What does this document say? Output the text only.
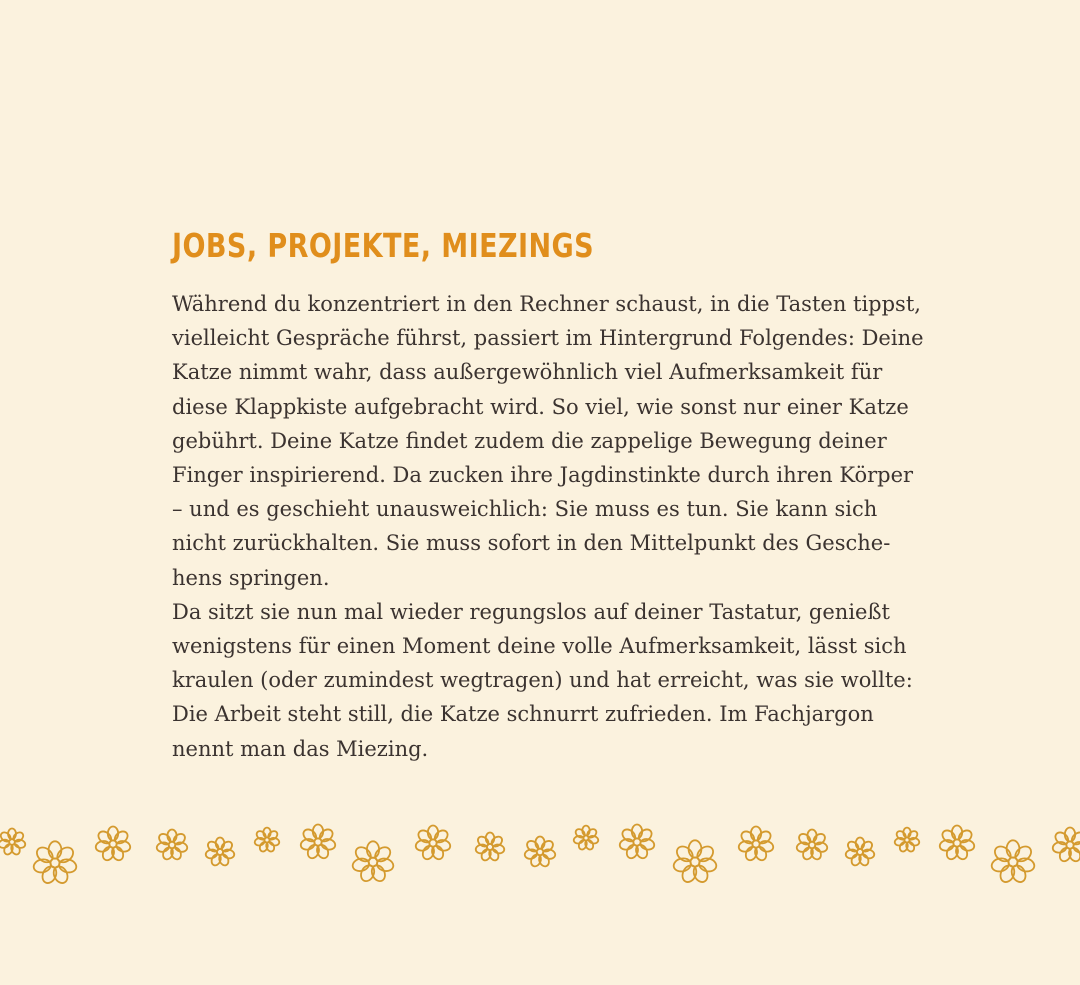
JOBS, PROJEKTE, MIEZINGS
Während du konzentriert in den Rechner schaust, in die Tasten tippst,
vielleicht Gespräche führst, passiert im Hintergrund Folgendes: Deine
Katze nimmt wahr, dass außergewöhnlich viel Aufmerksamkeit für
diese Klappkiste aufgebracht wird. So viel, wie sonst nur einer Katze
gebührt. Deine Katze findet zudem die zappelige Bewegung deiner
Finger inspirierend. Da zucken ihre Jagdinstinkte durch ihren Körper
– und es geschieht unausweichlich: Sie muss es tun. Sie kann sich
nicht zurückhalten. Sie muss sofort in den Mittelpunkt des Gesche-
hens springen.
Da sitzt sie nun mal wieder regungslos auf deiner Tastatur, genießt
wenigstens für einen Moment deine volle Aufmerksamkeit, lässt sich
kraulen (oder zumindest wegtragen) und hat erreicht, was sie wollte:
Die Arbeit steht still, die Katze schnurrt zufrieden. Im Fachjargon
nennt man das Miezing.
